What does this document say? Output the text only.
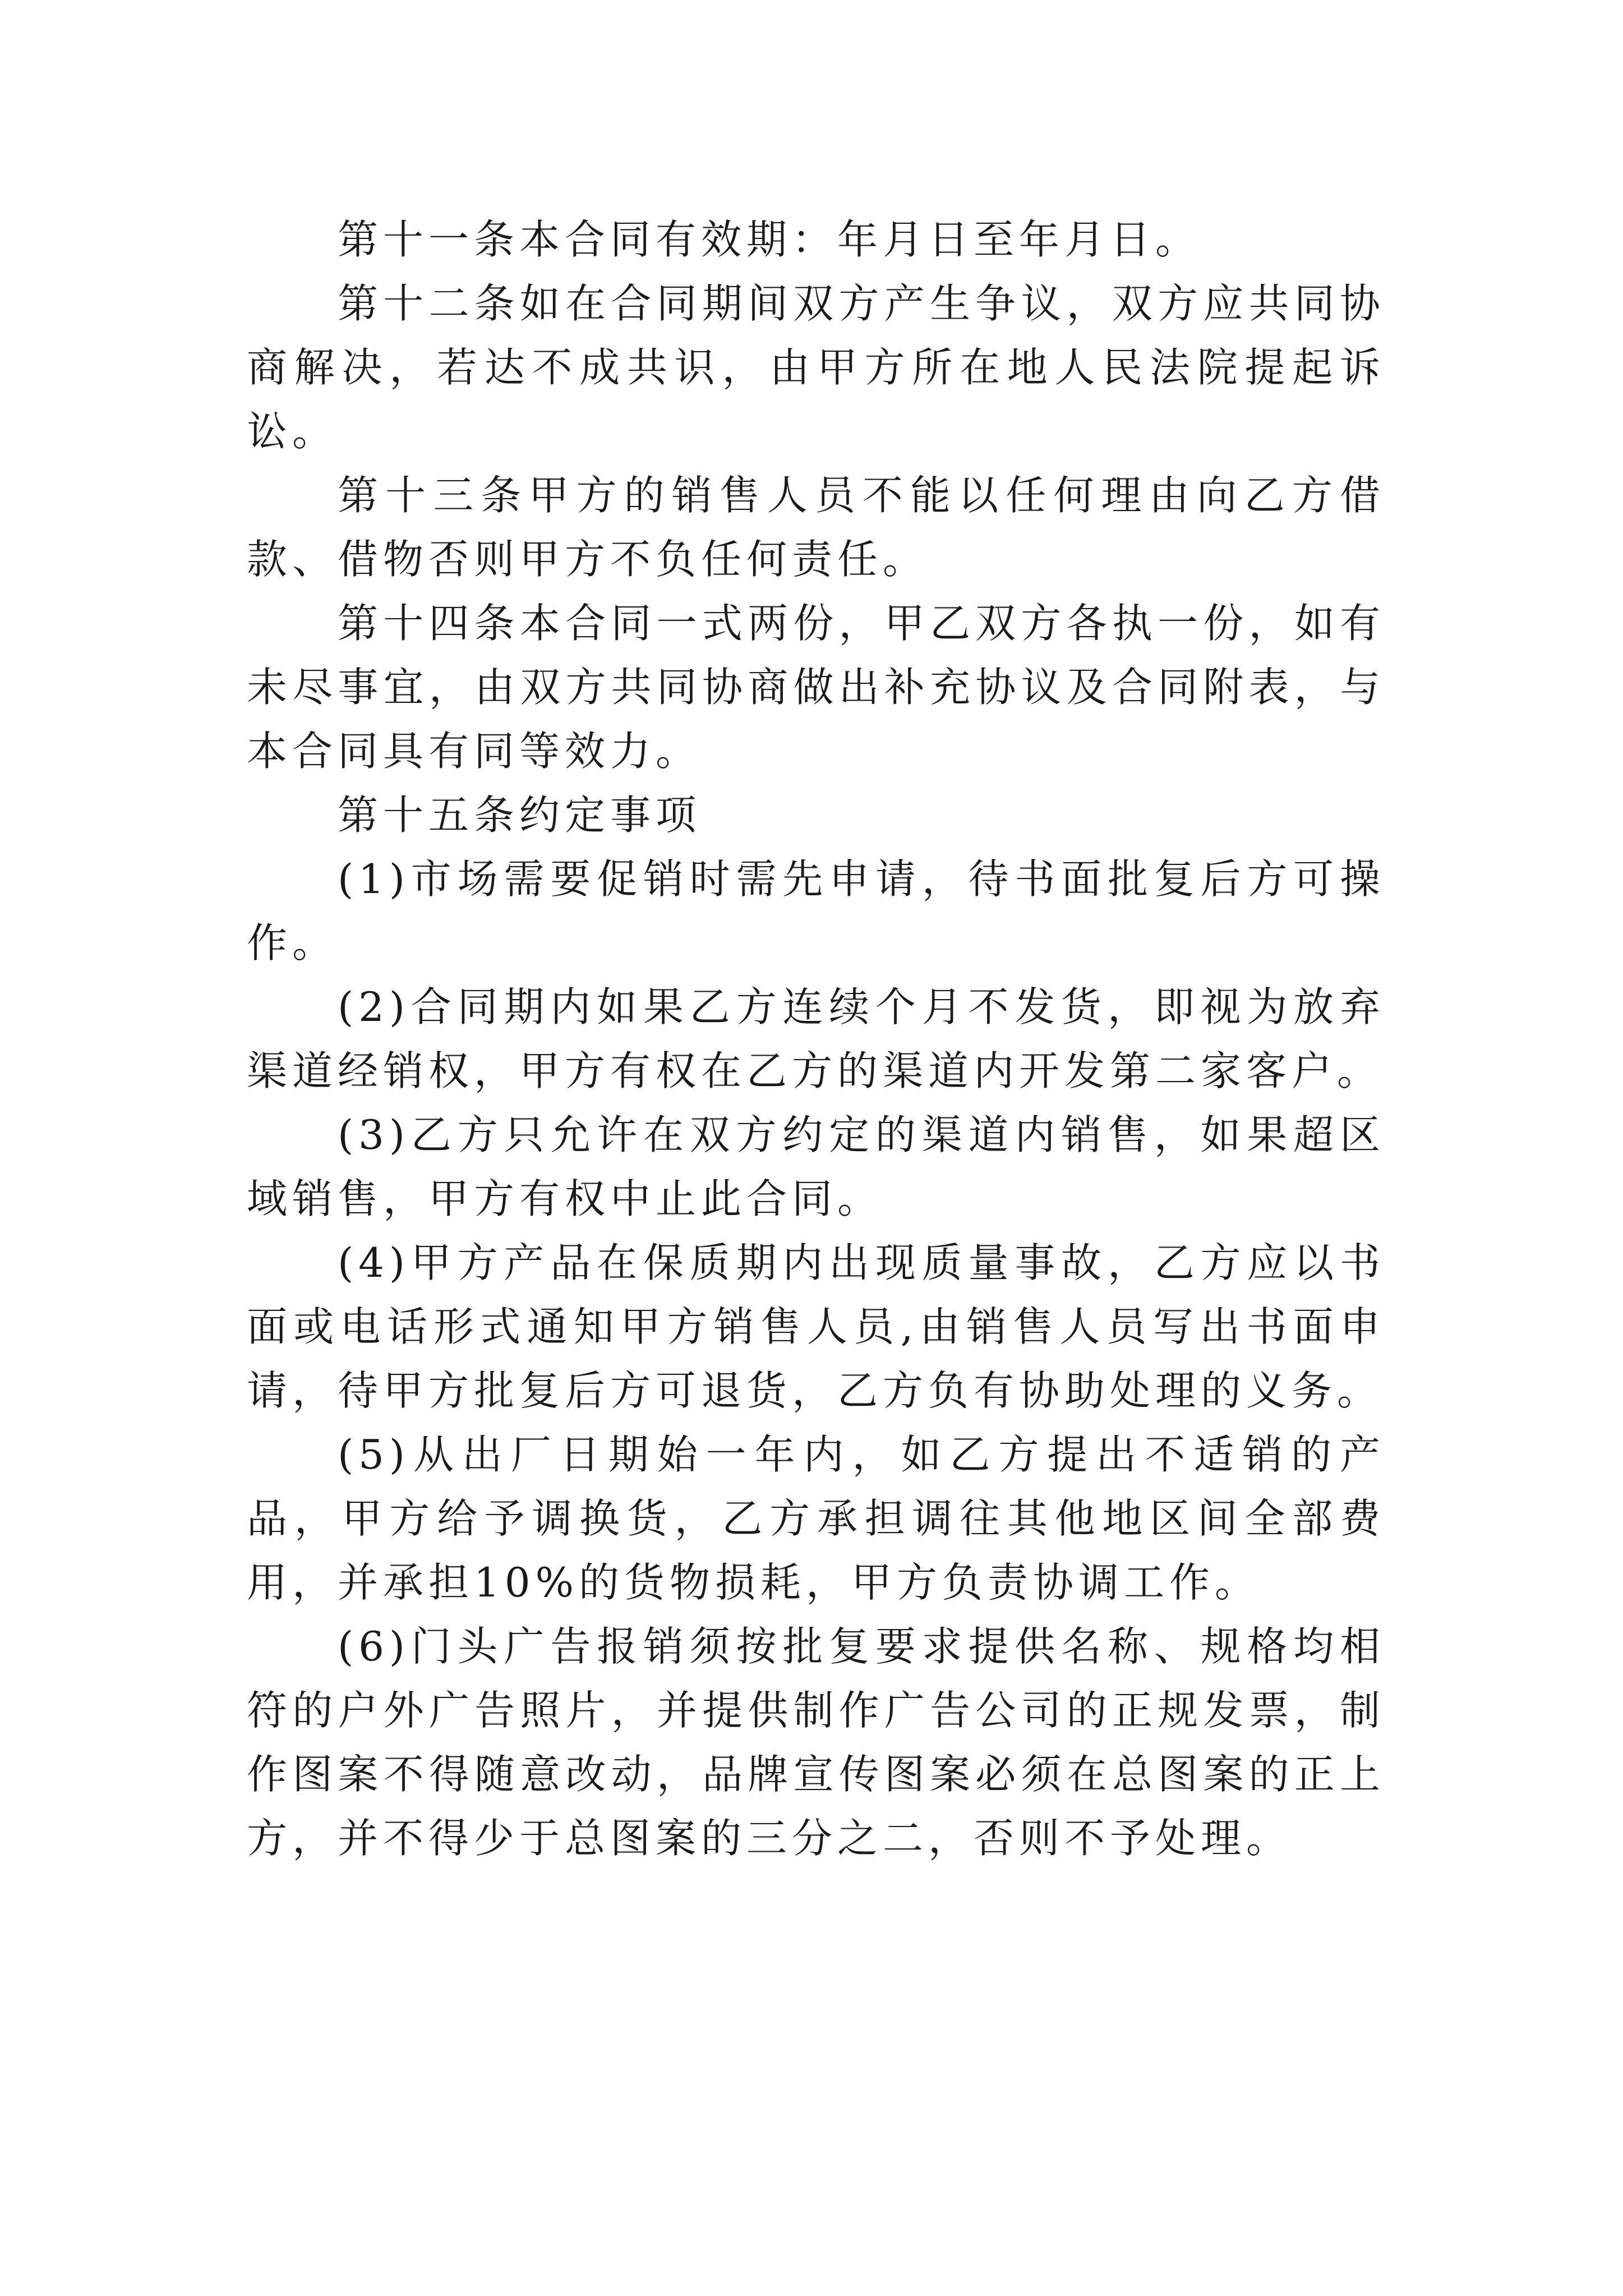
第十一条本合同有效期：年月日至年月日。

第十二条如在合同期间双方产生争议，双方应共同协商解决，若达不成共识，由甲方所在地人民法院提起诉讼。

第十三条甲方的销售人员不能以任何理由向乙方借款、借物否则甲方不负任何责任。

第十四条本合同一式两份，甲乙双方各执一份，如有未尽事宜，由双方共同协商做出补充协议及合同附表，与本合同具有同等效力。

第十五条约定事项

(1)市场需要促销时需先申请，待书面批复后方可操作。

(2)合同期内如果乙方连续个月不发货，即视为放弃渠道经销权，甲方有权在乙方的渠道内开发第二家客户。

(3)乙方只允许在双方约定的渠道内销售，如果超区域销售，甲方有权中止此合同。

(4)甲方产品在保质期内出现质量事故，乙方应以书面或电话形式通知甲方销售人员,由销售人员写出书面申请，待甲方批复后方可退货，乙方负有协助处理的义务。

(5)从出厂日期始一年内，如乙方提出不适销的产品，甲方给予调换货，乙方承担调往其他地区间全部费用，并承担10%的货物损耗，甲方负责协调工作。

(6)门头广告报销须按批复要求提供名称、规格均相符的户外广告照片，并提供制作广告公司的正规发票，制作图案不得随意改动，品牌宣传图案必须在总图案的正上方，并不得少于总图案的三分之二，否则不予处理。
